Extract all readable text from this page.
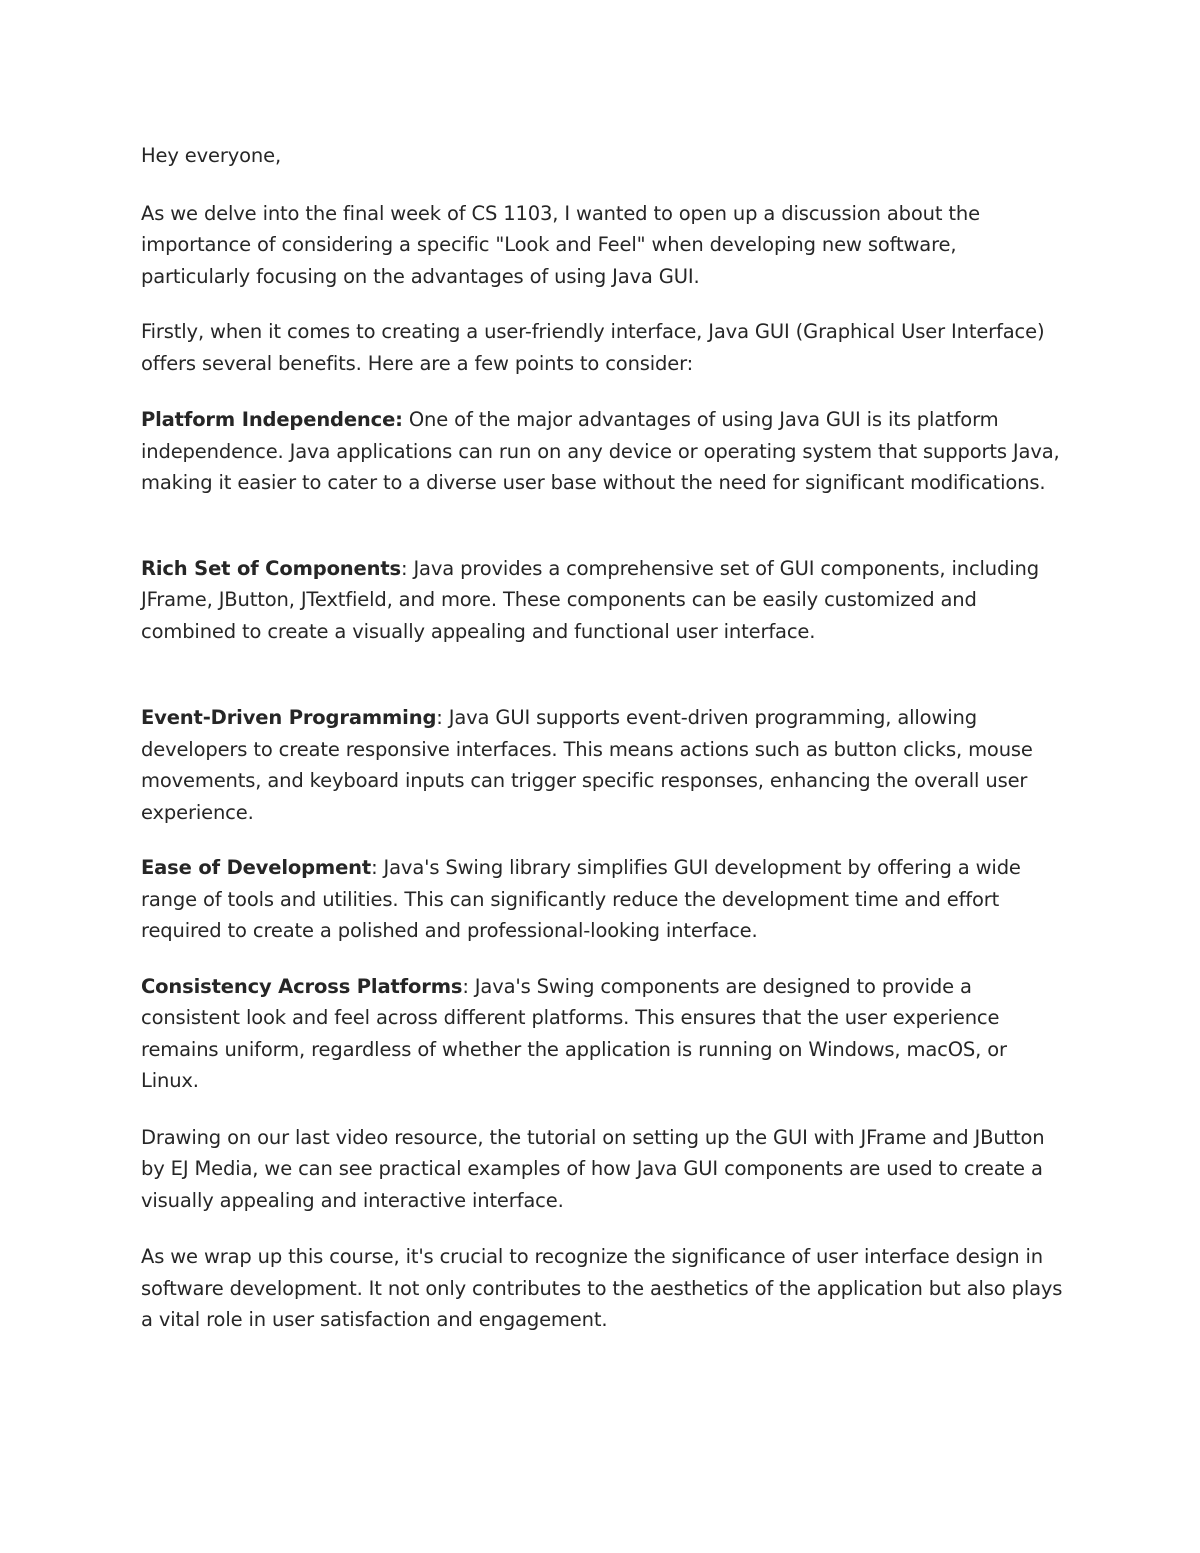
Hey everyone,

As we delve into the final week of CS 1103, I wanted to open up a discussion about the importance of considering a specific "Look and Feel" when developing new software, particularly focusing on the advantages of using Java GUI.

Firstly, when it comes to creating a user-friendly interface, Java GUI (Graphical User Interface) offers several benefits. Here are a few points to consider:

Platform Independence: One of the major advantages of using Java GUI is its platform independence. Java applications can run on any device or operating system that supports Java, making it easier to cater to a diverse user base without the need for significant modifications.

Rich Set of Components: Java provides a comprehensive set of GUI components, including JFrame, JButton, JTextfield, and more. These components can be easily customized and combined to create a visually appealing and functional user interface.

Event-Driven Programming: Java GUI supports event-driven programming, allowing developers to create responsive interfaces. This means actions such as button clicks, mouse movements, and keyboard inputs can trigger specific responses, enhancing the overall user experience.

Ease of Development: Java's Swing library simplifies GUI development by offering a wide range of tools and utilities. This can significantly reduce the development time and effort required to create a polished and professional-looking interface.

Consistency Across Platforms: Java's Swing components are designed to provide a consistent look and feel across different platforms. This ensures that the user experience remains uniform, regardless of whether the application is running on Windows, macOS, or Linux.

Drawing on our last video resource, the tutorial on setting up the GUI with JFrame and JButton by EJ Media, we can see practical examples of how Java GUI components are used to create a visually appealing and interactive interface.

As we wrap up this course, it's crucial to recognize the significance of user interface design in software development. It not only contributes to the aesthetics of the application but also plays a vital role in user satisfaction and engagement.
